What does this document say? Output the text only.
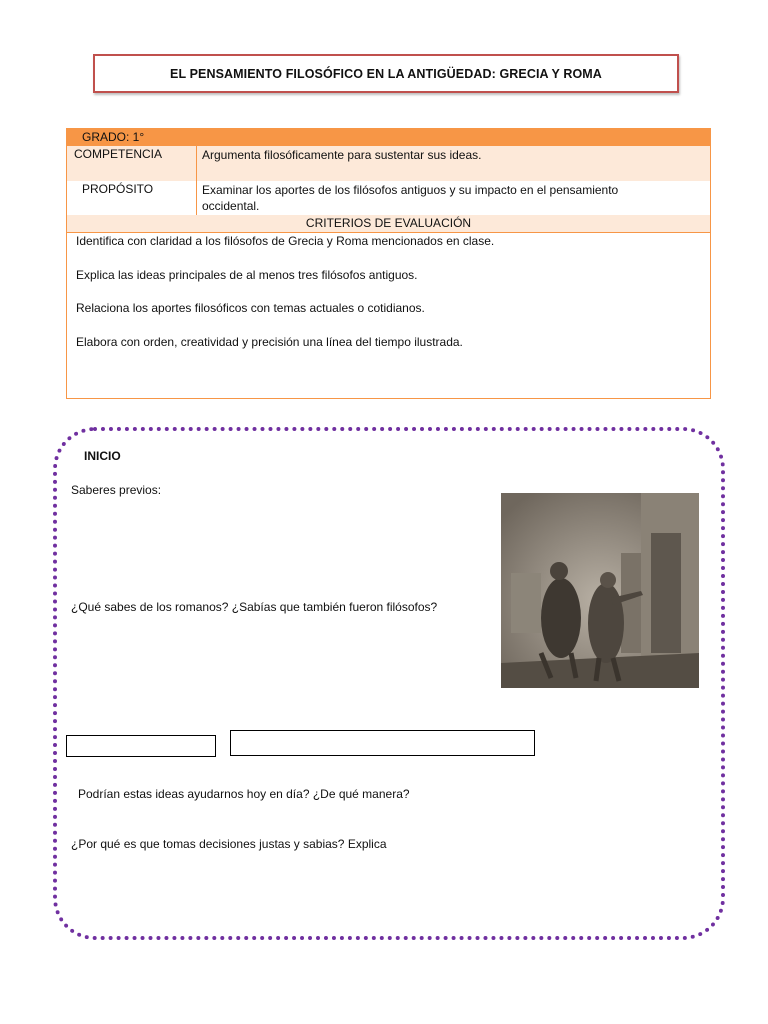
EL PENSAMIENTO FILOSÓFICO EN LA ANTIGÜEDAD: GRECIA Y ROMA
GRADO: 1°
COMPETENCIA	Argumenta filosóficamente para sustentar sus ideas.
PROPÓSITO	Examinar los aportes de los filósofos antiguos y su impacto en el pensamiento
occidental.
CRITERIOS DE EVALUACIÓN
Identifica con claridad a los filósofos de Grecia y Roma mencionados en clase.
Explica las ideas principales de al menos tres filósofos antiguos.
Relaciona los aportes filosóficos con temas actuales o cotidianos.
Elabora con orden, creatividad y precisión una línea del tiempo ilustrada.
INICIO
Saberes previos:
¿Qué sabes de los romanos? ¿Sabías que también fueron filósofos?
Podrían estas ideas ayudarnos hoy en día? ¿De qué manera?
¿Por qué es que tomas decisiones justas y sabias? Explica
